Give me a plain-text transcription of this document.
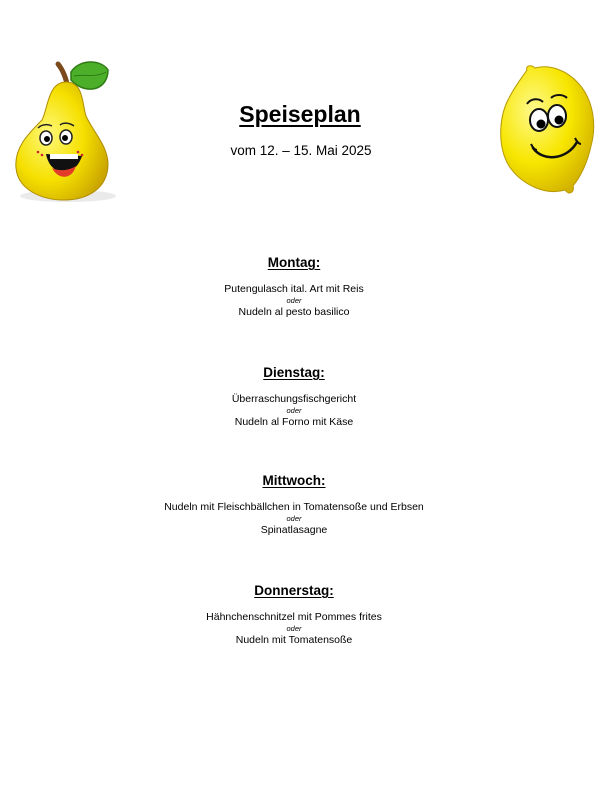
Speiseplan
vom 12. – 15. Mai 2025
Montag:
Putengulasch ital. Art mit Reis
oder
Nudeln al pesto basilico
Dienstag:
Überraschungsfischgericht
oder
Nudeln al Forno mit Käse
Mittwoch:
Nudeln mit Fleischbällchen in Tomatensoße und Erbsen
oder
Spinatlasagne
Donnerstag:
Hähnchenschnitzel mit Pommes frites
oder
Nudeln mit Tomatensoße
